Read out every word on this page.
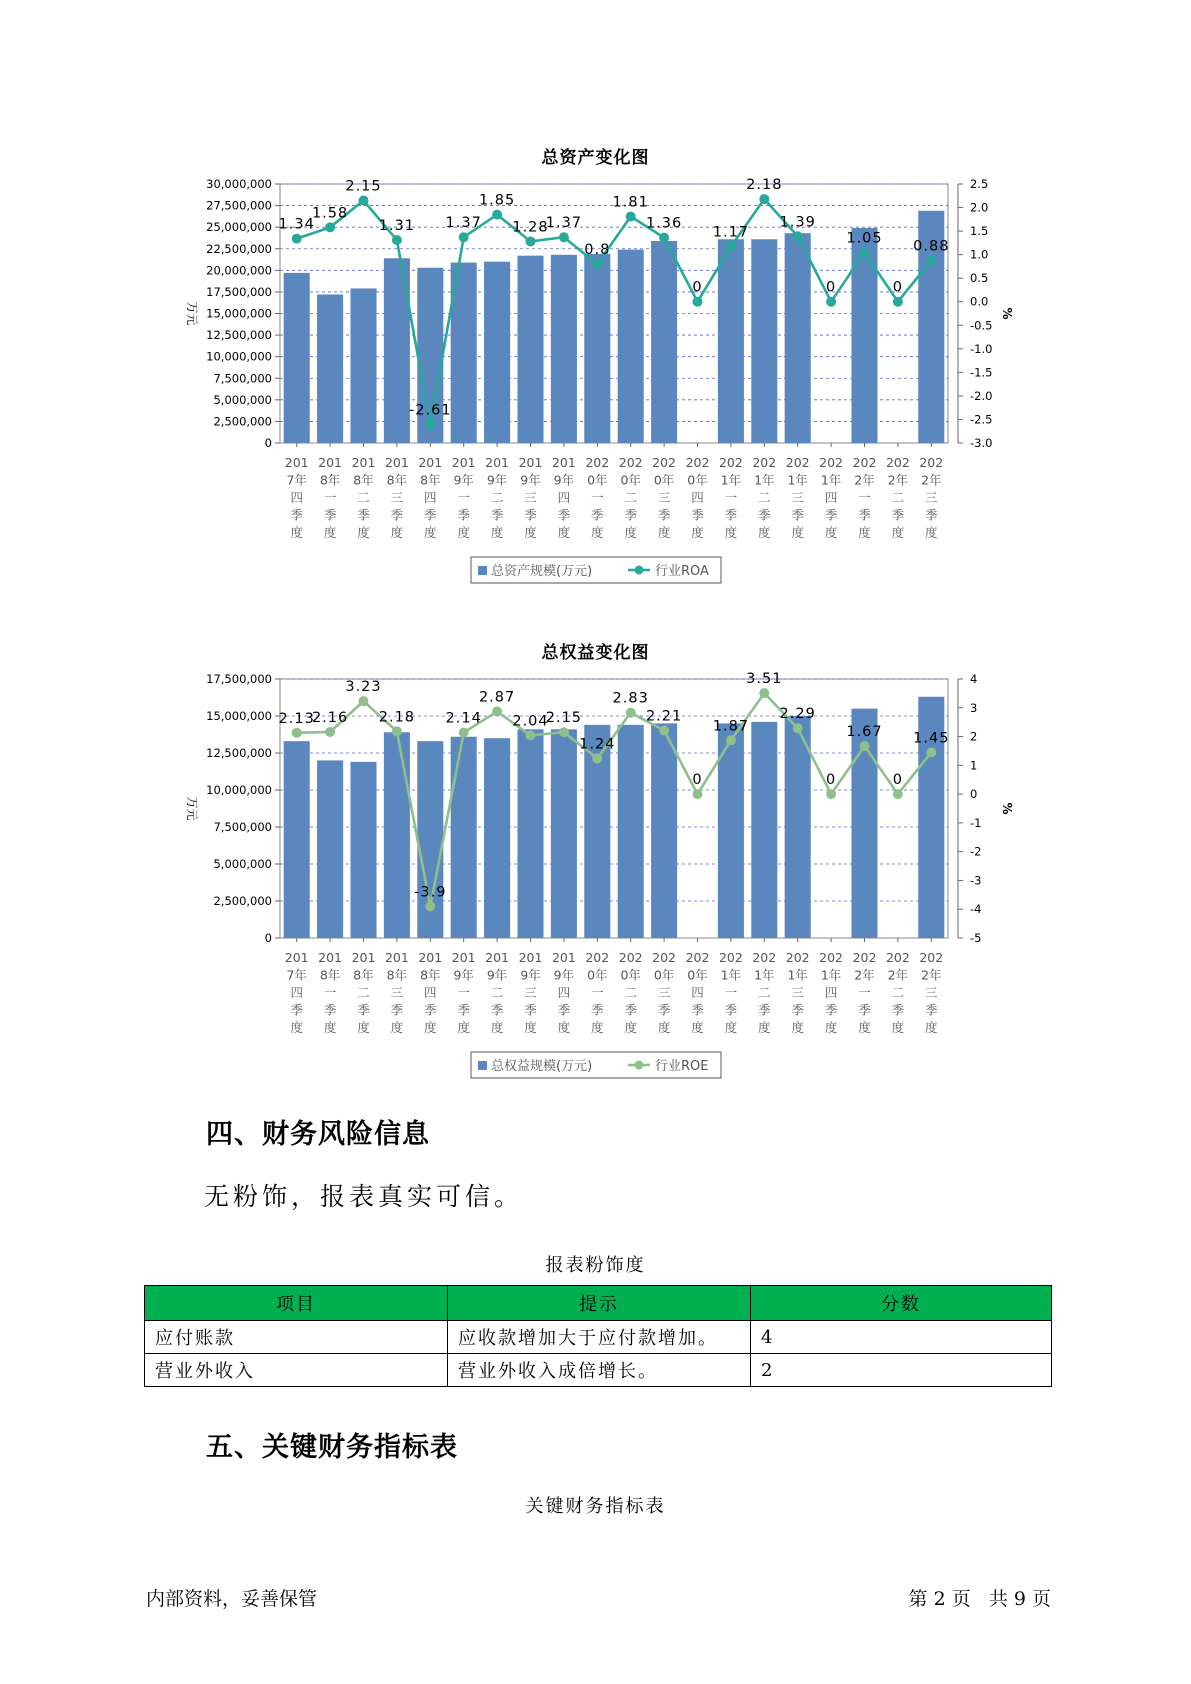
总资产变化图
30,000,000
27,500,000
25,000,000
22,500,000
20,000,000
17,500,000
15,000,000
12,500,000
10,000,000
7,500,000
5,000,000
2,500,000
0
2.5
2.0
1.5
1.0
0.5
0.0
-0.5
-1.0
-1.5
-2.0
-2.5
-3.0
万元	%
201
7年
四
季
度
201
8年
一
季
度
201
8年
二
季
度
201
8年
三
季
度
201
8年
四
季
度
201
9年
一
季
度
201
9年
二
季
度
201
9年
三
季
度
201
9年
四
季
度
202
0年
一
季
度
202
0年
二
季
度
202
0年
三
季
度
202
0年
四
季
度
202
1年
一
季
度
202
1年
二
季
度
202
1年
三
季
度
202
1年
四
季
度
202
2年
一
季
度
202
2年
二
季
度
202
2年
三
季
度
1.34
1.58
2.15
1.31
-2.61
1.37
1.85
1.28
1.37
0.8
1.81
1.36
0
1.17
2.18
1.39
0
1.05
0
0.88
总资产规模(万元)	行业ROA
总权益变化图
17,500,000
15,000,000
12,500,000
10,000,000
7,500,000
5,000,000
2,500,000
0
4
3
2
1
0
-1
-2
-3
-4
-5
万元	%
201
7年
四
季
度
201
8年
一
季
度
201
8年
二
季
度
201
8年
三
季
度
201
8年
四
季
度
201
9年
一
季
度
201
9年
二
季
度
201
9年
三
季
度
201
9年
四
季
度
202
0年
一
季
度
202
0年
二
季
度
202
0年
三
季
度
202
0年
四
季
度
202
1年
一
季
度
202
1年
二
季
度
202
1年
三
季
度
202
1年
四
季
度
202
2年
一
季
度
202
2年
二
季
度
202
2年
三
季
度
2.13
2.16
3.23
2.18
-3.9
2.14
2.87
2.04
2.15
1.24
2.83
2.21
0
1.87
3.51
2.29
0
1.67
0
1.45
总权益规模(万元)	行业ROE
四、财务风险信息
无粉饰，报表真实可信。
报表粉饰度
项目	提示	分数
应付账款	应收款增加大于应付款增加。	4
营业外收入	营业外收入成倍增长。	2
五、关键财务指标表
关键财务指标表
内部资料，妥善保管	第 2 页   共 9 页
